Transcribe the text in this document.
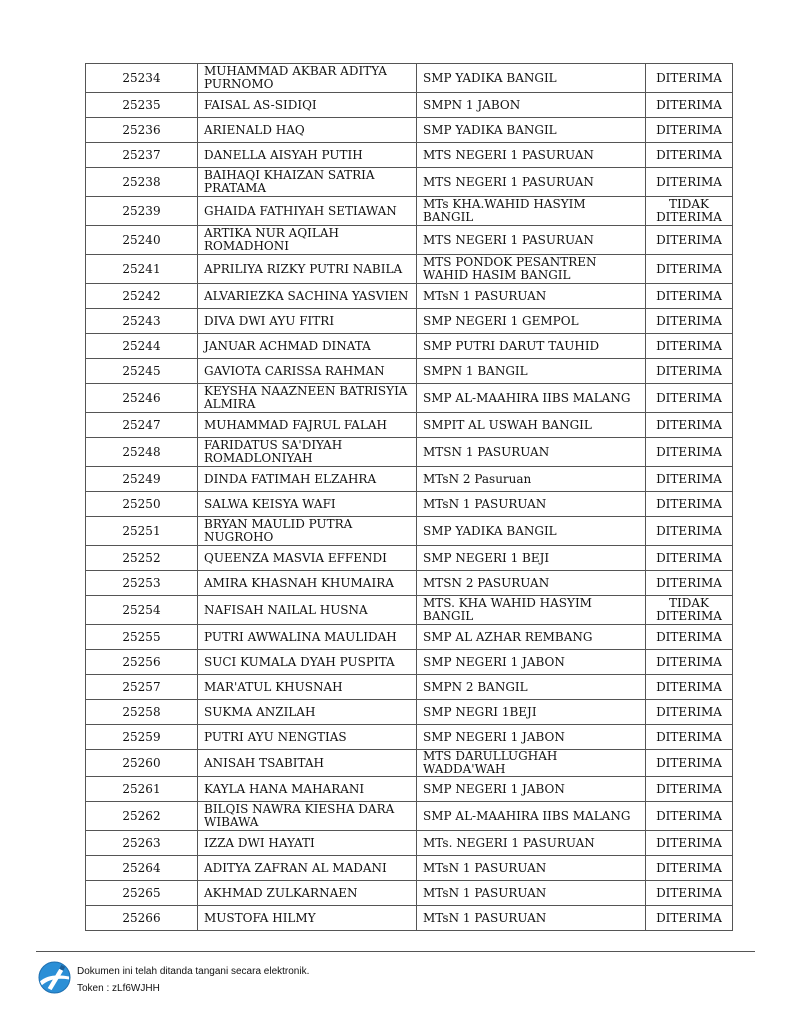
25234	MUHAMMAD AKBAR ADITYA PURNOMO	SMP YADIKA BANGIL	DITERIMA
25235	FAISAL AS-SIDIQI	SMPN 1 JABON	DITERIMA
25236	ARIENALD HAQ	SMP YADIKA BANGIL	DITERIMA
25237	DANELLA AISYAH PUTIH	MTS NEGERI 1 PASURUAN	DITERIMA
25238	BAIHAQI KHAIZAN SATRIA PRATAMA	MTS NEGERI 1 PASURUAN	DITERIMA
25239	GHAIDA FATHIYAH SETIAWAN	MTs KHA.WAHID HASYIM BANGIL	TIDAK DITERIMA
25240	ARTIKA NUR AQILAH ROMADHONI	MTS NEGERI 1 PASURUAN	DITERIMA
25241	APRILIYA RIZKY PUTRI NABILA	MTS PONDOK PESANTREN WAHID HASIM BANGIL	DITERIMA
25242	ALVARIEZKA SACHINA YASVIEN	MTsN 1 PASURUAN	DITERIMA
25243	DIVA DWI AYU FITRI	SMP NEGERI 1 GEMPOL	DITERIMA
25244	JANUAR ACHMAD DINATA	SMP PUTRI DARUT TAUHID	DITERIMA
25245	GAVIOTA CARISSA RAHMAN	SMPN 1 BANGIL	DITERIMA
25246	KEYSHA NAAZNEEN BATRISYIA ALMIRA	SMP AL-MAAHIRA IIBS MALANG	DITERIMA
25247	MUHAMMAD FAJRUL FALAH	SMPIT AL USWAH BANGIL	DITERIMA
25248	FARIDATUS SA'DIYAH ROMADLONIYAH	MTSN 1 PASURUAN	DITERIMA
25249	DINDA FATIMAH ELZAHRA	MTsN 2 Pasuruan	DITERIMA
25250	SALWA KEISYA WAFI	MTsN 1 PASURUAN	DITERIMA
25251	BRYAN MAULID PUTRA NUGROHO	SMP YADIKA BANGIL	DITERIMA
25252	QUEENZA MASVIA EFFENDI	SMP NEGERI 1 BEJI	DITERIMA
25253	AMIRA KHASNAH KHUMAIRA	MTSN 2 PASURUAN	DITERIMA
25254	NAFISAH NAILAL HUSNA	MTS. KHA WAHID HASYIM BANGIL	TIDAK DITERIMA
25255	PUTRI AWWALINA MAULIDAH	SMP AL AZHAR REMBANG	DITERIMA
25256	SUCI KUMALA DYAH PUSPITA	SMP NEGERI 1 JABON	DITERIMA
25257	MAR'ATUL KHUSNAH	SMPN 2 BANGIL	DITERIMA
25258	SUKMA ANZILAH	SMP NEGRI 1BEJI	DITERIMA
25259	PUTRI AYU NENGTIAS	SMP NEGERI 1 JABON	DITERIMA
25260	ANISAH TSABITAH	MTS DARULLUGHAH WADDA'WAH	DITERIMA
25261	KAYLA HANA MAHARANI	SMP NEGERI 1 JABON	DITERIMA
25262	BILQIS NAWRA KIESHA DARA WIBAWA	SMP AL-MAAHIRA IIBS MALANG	DITERIMA
25263	IZZA DWI HAYATI	MTs. NEGERI 1 PASURUAN	DITERIMA
25264	ADITYA ZAFRAN AL MADANI	MTsN 1 PASURUAN	DITERIMA
25265	AKHMAD ZULKARNAEN	MTsN 1 PASURUAN	DITERIMA
25266	MUSTOFA HILMY	MTsN 1 PASURUAN	DITERIMA
Dokumen ini telah ditanda tangani secara elektronik.
Token : zLf6WJHH
